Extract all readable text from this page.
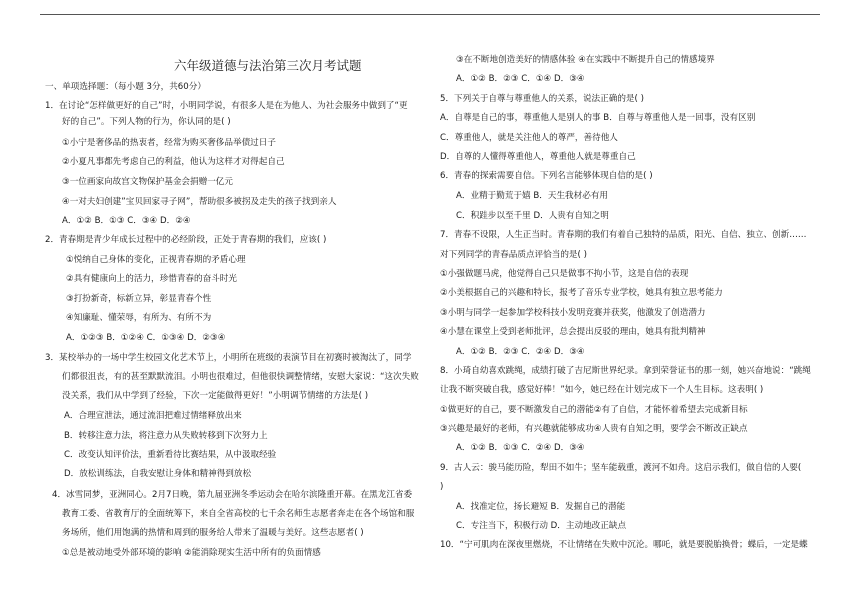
六年级道德与法治第三次月考试题
一、单项选择题：（每小题 3分，共60分）
1．在讨论“怎样做更好的自己”时，小明同学说，有很多人是在为他人、为社会服务中做到了“更
好的自己”。下列人物的行为，你认同的是( )
①小宁是奢侈品的热衷者，经常为购买奢侈品举债过日子
②小夏凡事都先考虑自己的利益，他认为这样才对得起自己
③一位画家向故宫文物保护基金会捐赠一亿元
④一对夫妇创建”宝贝回家寻子网”，帮助很多被拐及走失的孩子找到亲人
A．①② B．①③ C．③④ D．②④
2．青春期是青少年成长过程中的必经阶段，正处于青春期的我们，应该( )
①悦纳自己身体的变化，正视青春期的矛盾心理
②具有健康向上的活力，珍惜青春的奋斗时光
③打扮新奇，标新立异，彰显青春个性
④知廉耻、懂荣辱，有所为、有所不为
A．①②③ B．①②④ C．①③④ D．②③④
3．某校举办的一场中学生校园文化艺术节上，小明所在班级的表演节目在初赛时被淘汰了，同学
们都很沮丧，有的甚至默默流泪。小明也很难过，但他很快调整情绪，安慰大家说：“这次失败
没关系，我们从中学到了经验，下次一定能做得更好！”小明调节情绪的方法是( )
A．合理宣泄法，通过流泪把难过情绪释放出来
B．转移注意力法，将注意力从失败转移到下次努力上
C．改变认知评价法，重新看待比赛结果，从中汲取经验
D．放松训练法，自我安慰让身体和精神得到放松
4．冰雪同梦，亚洲同心。2月7日晚，第九届亚洲冬季运动会在哈尔滨隆重开幕。在黑龙江省委
教育工委、省教育厅的全面统筹下，来自全省高校的七千余名师生志愿者奔走在各个场馆和服
务场所，他们用饱满的热情和周到的服务给人带来了温暖与美好。这些志愿者( )
①总是被动地受外部环境的影响 ②能消除现实生活中所有的负面情感
③在不断地创造美好的情感体验 ④在实践中不断提升自己的情感境界
A．①② B．②③ C．①④ D．③④
5．下列关于自尊与尊重他人的关系，说法正确的是( )
A．自尊是自己的事，尊重他人是别人的事 B．自尊与尊重他人是一回事，没有区别
C．尊重他人，就是关注他人的尊严，善待他人
D．自尊的人懂得尊重他人，尊重他人就是尊重自己
6．青春的探索需要自信。下列名言能够体现自信的是( )
A．业精于勤荒于嬉 B．天生我材必有用
C．积跬步以至千里 D．人贵有自知之明
7．青春不设限，人生正当时。青春期的我们有着自己独特的品质，阳光、自信、独立、创新……
对下列同学的青春品质点评恰当的是( )
①小强做题马虎，他觉得自己只是做事不拘小节，这是自信的表现
②小美根据自己的兴趣和特长，报考了音乐专业学校，她具有独立思考能力
③小明与同学一起参加学校科技小发明竞赛并获奖，他激发了创造潜力
④小慧在课堂上受到老师批评，总会提出反驳的理由，她具有批判精神
A．①② B．②③ C．②④ D．③④
8．小琦自幼喜欢跳绳，成绩打破了吉尼斯世界纪录。拿到荣誉证书的那一刻，她兴奋地说：“跳绳
让我不断突破自我，感觉好棒！”如今，她已经在计划完成下一个人生目标。这表明( )
①做更好的自己，要不断激发自己的潜能②有了自信，才能怀着希望去完成新目标
③兴趣是最好的老师，有兴趣就能够成功④人贵有自知之明，要学会不断改正缺点
A．①② B．①③ C．②④ D．③④
9．古人云：骏马能历险，犁田不如牛；坚车能载重，渡河不如舟。这启示我们，做自信的人要(
)
A．找准定位，扬长避短 B．发掘自己的潜能
C．专注当下，积极行动 D．主动地改正缺点
10．“宁可肌肉在深夜里燃烧，不让情绪在失败中沉沦。哪吒，就是要脱胎换骨；蝶后，一定是蝶
